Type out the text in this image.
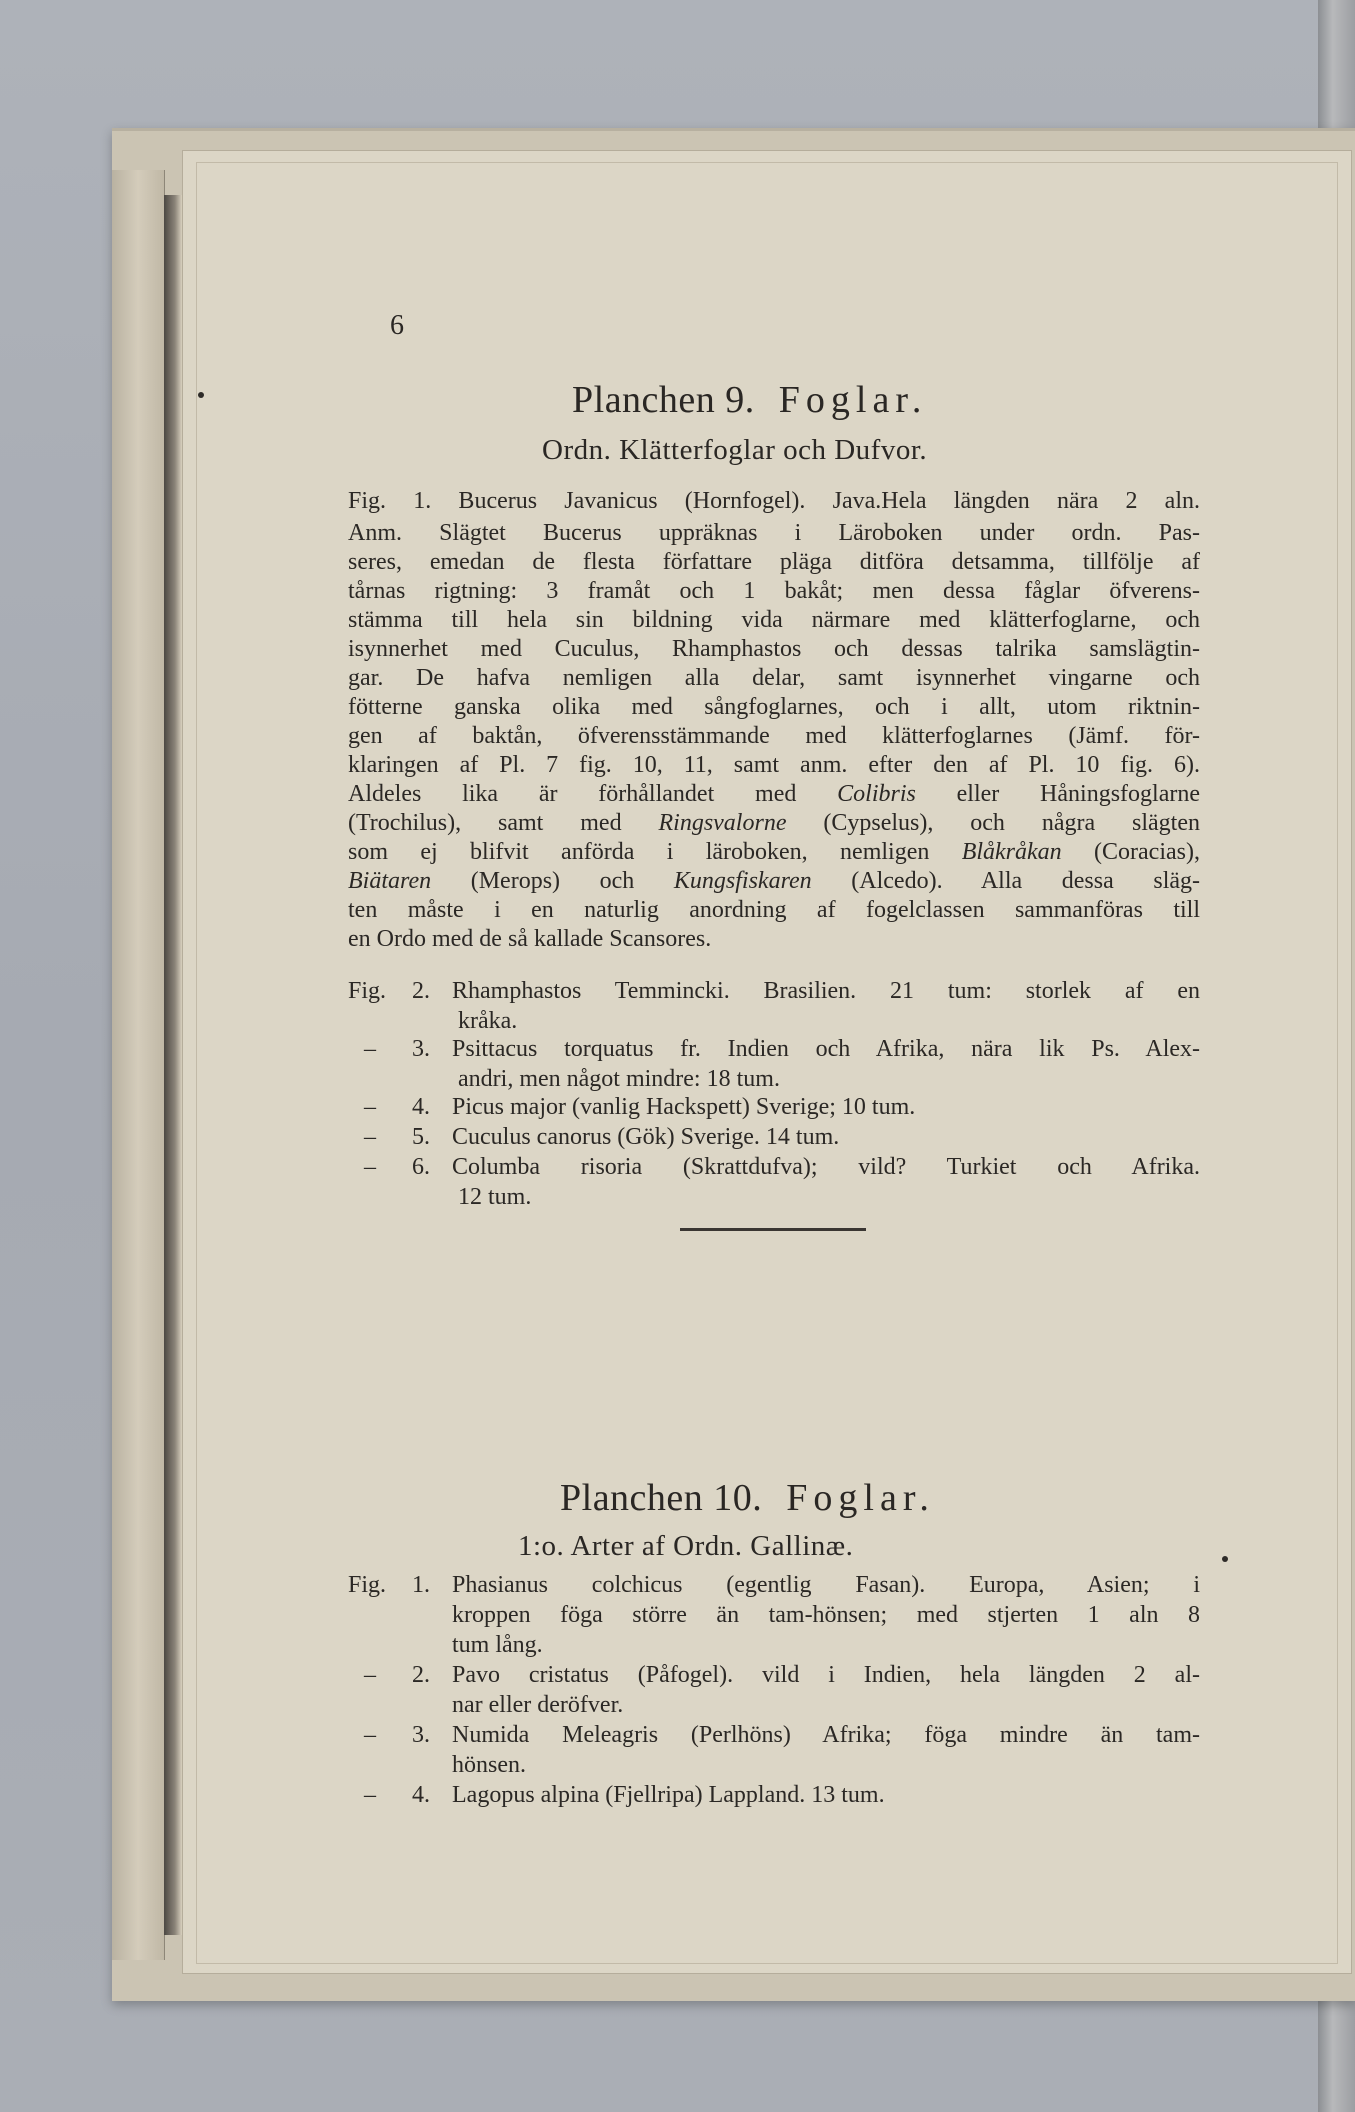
6
Planchen 9. Foglar.
Ordn. Klätterfoglar och Dufvor.
Fig. 1. Bucerus Javanicus (Hornfogel). Java.Hela längden nära 2 aln.
Anm. Slägtet Bucerus uppräknas i Läroboken under ordn. Pas-
seres, emedan de flesta författare pläga ditföra detsamma, tillfölje af
tårnas rigtning: 3 framåt och 1 bakåt; men dessa fåglar öfverens-
stämma till hela sin bildning vida närmare med klätterfoglarne, och
isynnerhet med Cuculus, Rhamphastos och dessas talrika samslägtin-
gar. De hafva nemligen alla delar, samt isynnerhet vingarne och
fötterne ganska olika med sångfoglarnes, och i allt, utom riktnin-
gen af baktån, öfverensstämmande med klätterfoglarnes (Jämf. för-
klaringen af Pl. 7 fig. 10, 11, samt anm. efter den af Pl. 10 fig. 6).
Aldeles lika är förhållandet med Colibris eller Håningsfoglarne
(Trochilus), samt med Ringsvalorne (Cypselus), och några slägten
som ej blifvit anförda i läroboken, nemligen Blåkråkan (Coracias),
Biätaren (Merops) och Kungsfiskaren (Alcedo). Alla dessa släg-
ten måste i en naturlig anordning af fogelclassen sammanföras till
en Ordo med de så kallade Scansores.
Fig. 2. Rhamphastos Temmincki. Brasilien. 21 tum: storlek af en
kråka.
– 3. Psittacus torquatus fr. Indien och Afrika, nära lik Ps. Alex-
andri, men något mindre: 18 tum.
– 4. Picus major (vanlig Hackspett) Sverige; 10 tum.
– 5. Cuculus canorus (Gök) Sverige. 14 tum.
– 6. Columba risoria (Skrattdufva); vild? Turkiet och Afrika.
12 tum.
Planchen 10. Foglar.
1:o. Arter af Ordn. Gallinæ.
Fig. 1. Phasianus colchicus (egentlig Fasan). Europa, Asien; i
kroppen föga större än tam-hönsen; med stjerten 1 aln 8
tum lång.
– 2. Pavo cristatus (Påfogel). vild i Indien, hela längden 2 al-
nar eller deröfver.
– 3. Numida Meleagris (Perlhöns) Afrika; föga mindre än tam-
hönsen.
– 4. Lagopus alpina (Fjellripa) Lappland. 13 tum.
